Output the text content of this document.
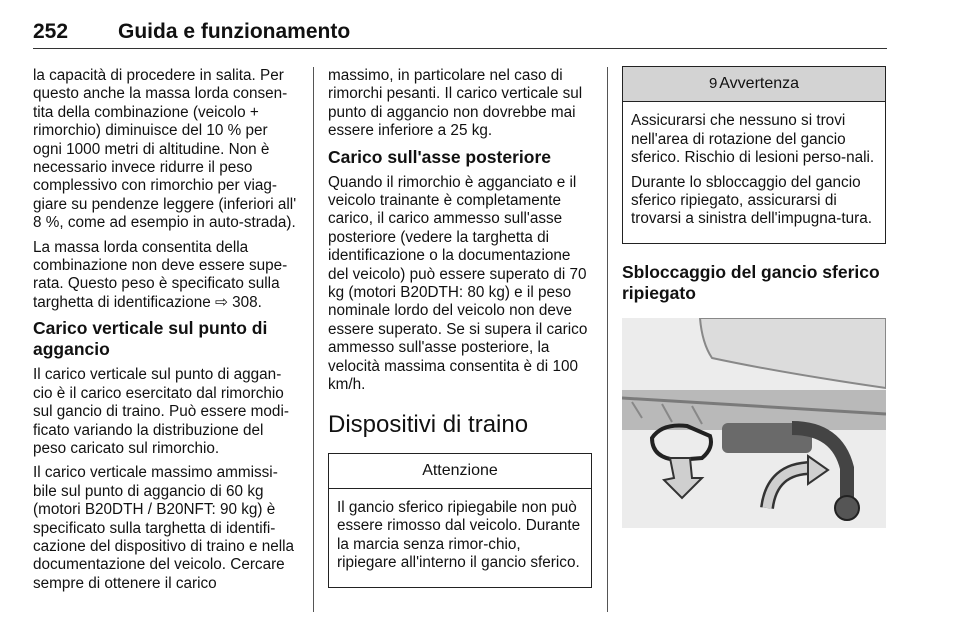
252 Guida e funzionamento

la capacità di procedere in salita. Per questo anche la massa lorda consen-tita della combinazione (veicolo + rimorchio) diminuisce del 10 % per ogni 1000 metri di altitudine. Non è necessario invece ridurre il peso complessivo con rimorchio per viag-giare su pendenze leggere (inferiori all' 8 %, come ad esempio in auto-strada).

La massa lorda consentita della combinazione non deve essere supe-rata. Questo peso è specificato sulla targhetta di identificazione ⇨ 308.

Carico verticale sul punto di aggancio

Il carico verticale sul punto di aggan-cio è il carico esercitato dal rimorchio sul gancio di traino. Può essere modi-ficato variando la distribuzione del peso caricato sul rimorchio.

Il carico verticale massimo ammissi-bile sul punto di aggancio di 60 kg (motori B20DTH / B20NFT: 90 kg) è specificato sulla targhetta di identifi-cazione del dispositivo di traino e nella documentazione del veicolo. Cercare sempre di ottenere il carico

massimo, in particolare nel caso di rimorchi pesanti. Il carico verticale sul punto di aggancio non dovrebbe mai essere inferiore a 25 kg.

Carico sull'asse posteriore

Quando il rimorchio è agganciato e il veicolo trainante è completamente carico, il carico ammesso sull'asse posteriore (vedere la targhetta di identificazione o la documentazione del veicolo) può essere superato di 70 kg (motori B20DTH: 80 kg) e il peso nominale lordo del veicolo non deve essere superato. Se si supera il carico ammesso sull'asse posteriore, la velocità massima consentita è di 100 km/h.

Dispositivi di traino
Attenzione

Il gancio sferico ripiegabile non può essere rimosso dal veicolo. Durante la marcia senza rimor-chio, ripiegare all'interno il gancio sferico.

9 Avvertenza

Assicurarsi che nessuno si trovi nell'area di rotazione del gancio sferico. Rischio di lesioni perso-nali.

Durante lo sbloccaggio del gancio sferico ripiegato, assicurarsi di trovarsi a sinistra dell'impugna-tura.

Sbloccaggio del gancio sferico ripiegato
